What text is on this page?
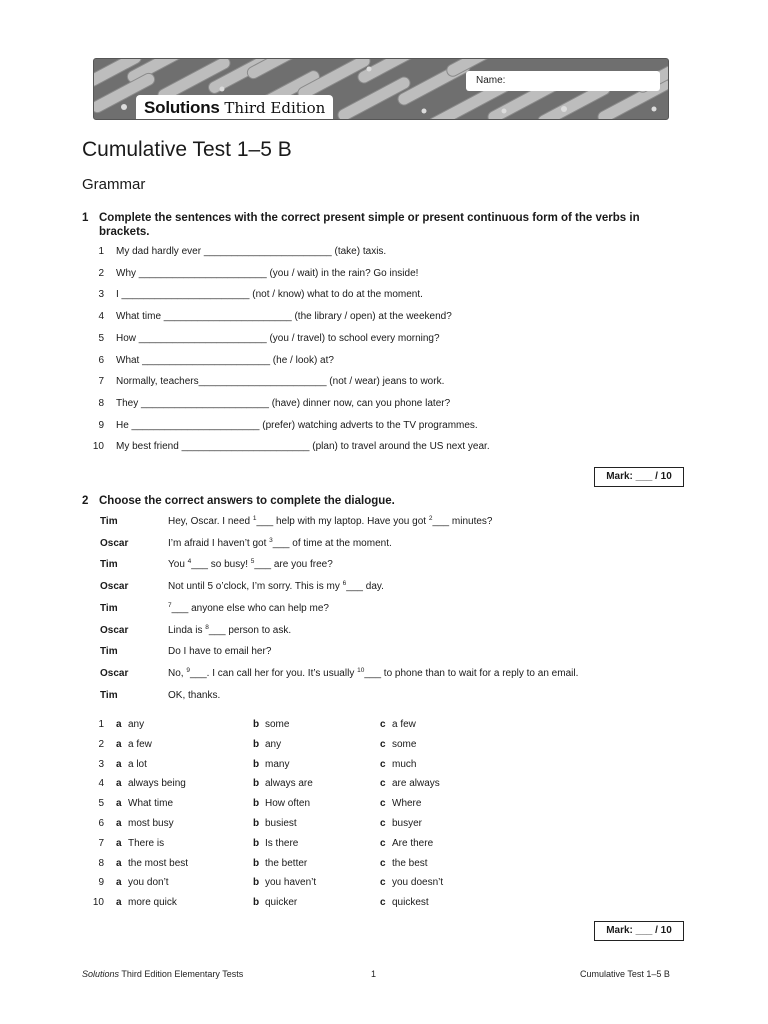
Name:
Solutions Third Edition
Cumulative Test 1–5 B
Grammar
1 Complete the sentences with the correct present simple or present continuous form of the verbs in brackets.
1 My dad hardly ever _______________________ (take) taxis.
2 Why _______________________ (you / wait) in the rain? Go inside!
3 I _______________________ (not / know) what to do at the moment.
4 What time _______________________ (the library / open) at the weekend?
5 How _______________________ (you / travel) to school every morning?
6 What _______________________ (he / look) at?
7 Normally, teachers_______________________ (not / wear) jeans to work.
8 They _______________________ (have) dinner now, can you phone later?
9 He _______________________ (prefer) watching adverts to the TV programmes.
10 My best friend _______________________ (plan) to travel around the US next year.
Mark: ___ / 10
2 Choose the correct answers to complete the dialogue.
Tim	Hey, Oscar. I need $^1$___ help with my laptop. Have you got $^2$___ minutes?
Oscar	I’m afraid I haven’t got $^3$___ of time at the moment.
Tim	You $^4$___ so busy! $^5$___ are you free?
Oscar	Not until 5 o’clock, I’m sorry. This is my $^6$___ day.
Tim	$^7$___ anyone else who can help me?
Oscar	Linda is $^8$___ person to ask.
Tim	Do I have to email her?
Oscar	No, $^9$___. I can call her for you. It’s usually $^{10}$___ to phone than to wait for a reply to an email.
Tim	OK, thanks.
1 a any	b some	c a few
2 a a few	b any	c some
3 a a lot	b many	c much
4 a always being	b always are	c are always
5 a What time	b How often	c Where
6 a most busy	b busiest	c busyer
7 a There is	b Is there	c Are there
8 a the most best	b the better	c the best
9 a you don’t	b you haven’t	c you doesn’t
10 a more quick	b quicker	c quickest
Mark: ___ / 10
Solutions Third Edition Elementary Tests	1	Cumulative Test 1–5 B
